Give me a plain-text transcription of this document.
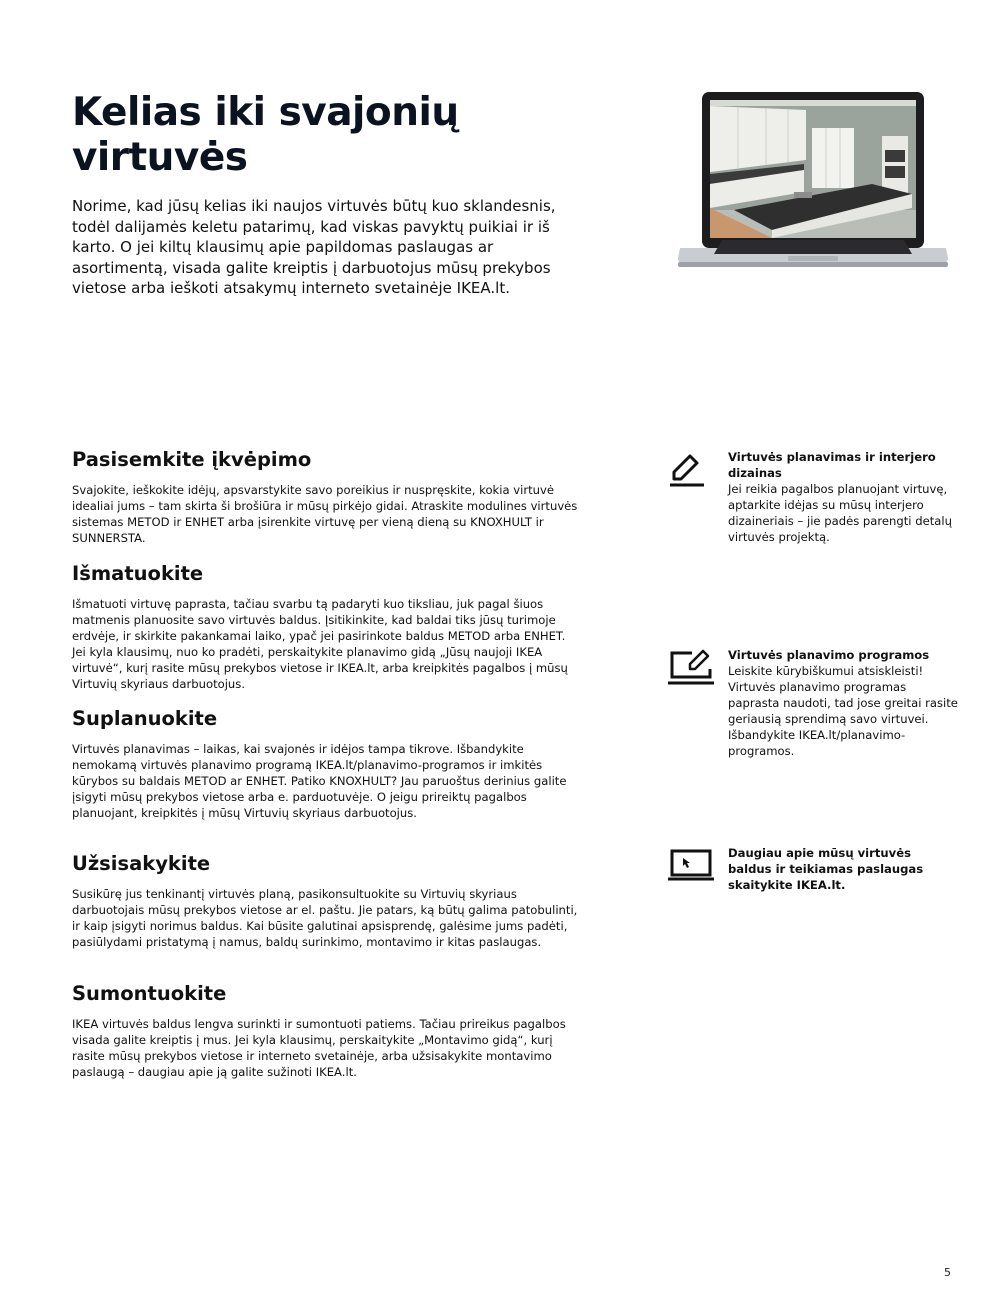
Kelias iki svajonių virtuvės

Norime, kad jūsų kelias iki naujos virtuvės būtų kuo sklandesnis, todėl dalijamės keletu patarimų, kad viskas pavyktų puikiai ir iš karto. O jei kiltų klausimų apie papildomas paslaugas ar asortimentą, visada galite kreiptis į darbuotojus mūsų prekybos vietose arba ieškoti atsakymų interneto svetainėje IKEA.lt.

Pasisemkite įkvėpimo

Svajokite, ieškokite idėjų, apsvarstykite savo poreikius ir nuspręskite, kokia virtuvė idealiai jums – tam skirta ši brošiūra ir mūsų pirkėjo gidai. Atraskite modulines virtuvės sistemas METOD ir ENHET arba įsirenkite virtuvę per vieną dieną su KNOXHULT ir SUNNERSTA.

Išmatuokite

Išmatuoti virtuvę paprasta, tačiau svarbu tą padaryti kuo tiksliau, juk pagal šiuos matmenis planuosite savo virtuvės baldus. Įsitikinkite, kad baldai tiks jūsų turimoje erdvėje, ir skirkite pakankamai laiko, ypač jei pasirinkote baldus METOD arba ENHET. Jei kyla klausimų, nuo ko pradėti, perskaitykite planavimo gidą „Jūsų naujoji IKEA virtuvė“, kurį rasite mūsų prekybos vietose ir IKEA.lt, arba kreipkitės pagalbos į mūsų Virtuvių skyriaus darbuotojus.

Suplanuokite

Virtuvės planavimas – laikas, kai svajonės ir idėjos tampa tikrove. Išbandykite nemokamą virtuvės planavimo programą IKEA.lt/planavimo-programos ir imkitės kūrybos su baldais METOD ar ENHET. Patiko KNOXHULT? Jau paruoštus derinius galite įsigyti mūsų prekybos vietose arba e. parduotuvėje. O jeigu prireiktų pagalbos planuojant, kreipkitės į mūsų Virtuvių skyriaus darbuotojus.

Užsisakykite

Susikūrę jus tenkinantį virtuvės planą, pasikonsultuokite su Virtuvių skyriaus darbuotojais mūsų prekybos vietose ar el. paštu. Jie patars, ką būtų galima patobulinti, ir kaip įsigyti norimus baldus. Kai būsite galutinai apsisprendę, galėsime jums padėti, pasiūlydami pristatymą į namus, baldų surinkimo, montavimo ir kitas paslaugas.

Sumontuokite

IKEA virtuvės baldus lengva surinkti ir sumontuoti patiems. Tačiau prireikus pagalbos visada galite kreiptis į mus. Jei kyla klausimų, perskaitykite „Montavimo gidą“, kurį rasite mūsų prekybos vietose ir interneto svetainėje, arba užsisakykite montavimo paslaugą – daugiau apie ją galite sužinoti IKEA.lt.

Virtuvės planavimas ir interjero dizainas
Jei reikia pagalbos planuojant virtuvę, aptarkite idėjas su mūsų interjero dizaineriais – jie padės parengti detalų virtuvės projektą.
Virtuvės planavimo programos
Leiskite kūrybiškumui atsiskleisti! Virtuvės planavimo programas paprasta naudoti, tad jose greitai rasite geriausią sprendimą savo virtuvei. Išbandykite IKEA.lt/planavimo-programos.
Daugiau apie mūsų virtuvės baldus ir teikiamas paslaugas skaitykite IKEA.lt.
5
